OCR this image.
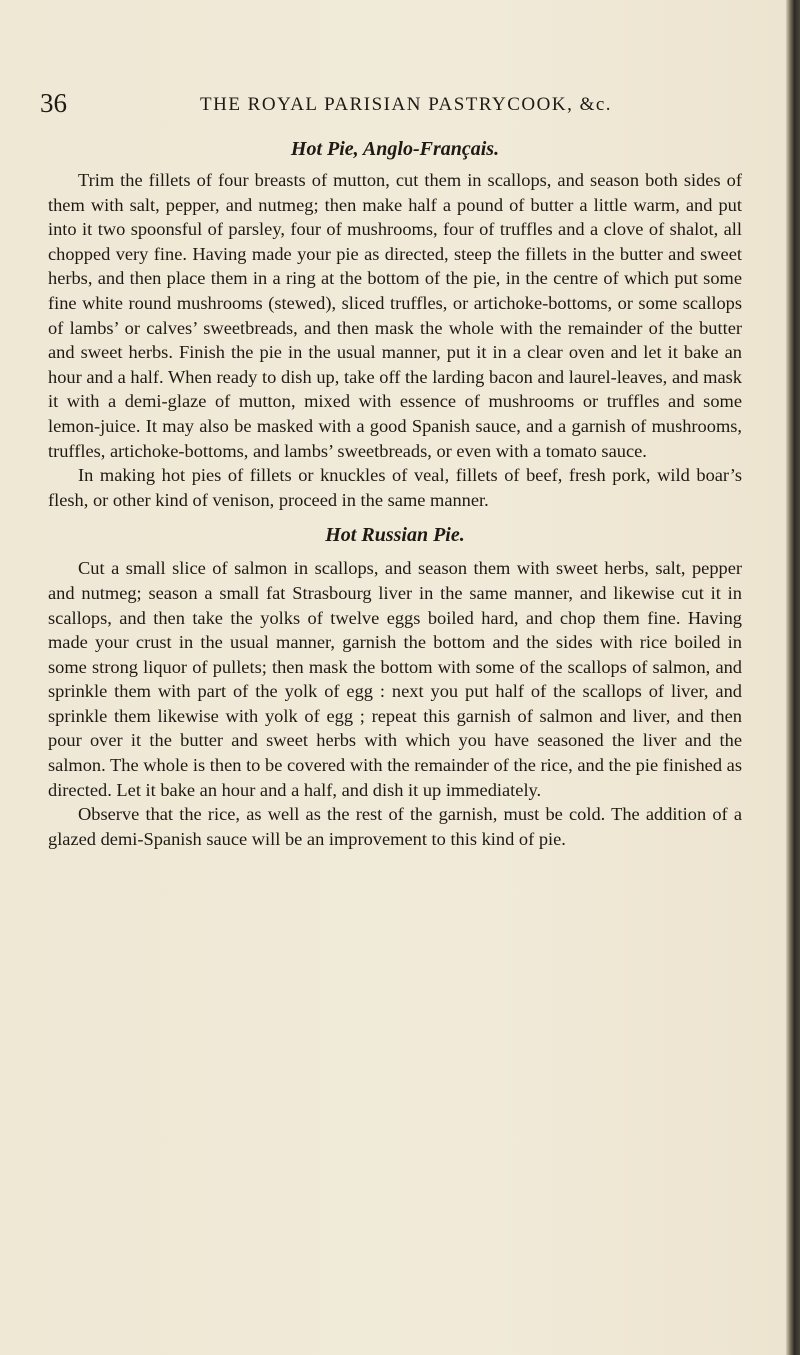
36	THE ROYAL PARISIAN PASTRYCOOK, &c.
Hot Pie, Anglo-Français.

Trim the fillets of four breasts of mutton, cut them in scallops, and season both sides of them with salt, pepper, and nutmeg; then make half a pound of butter a little warm, and put into it two spoonsful of parsley, four of mushrooms, four of truffles and a clove of shalot, all chopped very fine. Having made your pie as directed, steep the fillets in the butter and sweet herbs, and then place them in a ring at the bottom of the pie, in the centre of which put some fine white round mushrooms (stewed), sliced truffles, or artichoke-bottoms, or some scallops of lambs’ or calves’ sweetbreads, and then mask the whole with the remainder of the butter and sweet herbs. Finish the pie in the usual manner, put it in a clear oven and let it bake an hour and a half. When ready to dish up, take off the larding bacon and laurel-leaves, and mask it with a demi-glaze of mutton, mixed with essence of mushrooms or truffles and some lemon-juice. It may also be masked with a good Spanish sauce, and a garnish of mushrooms, truffles, artichoke-bottoms, and lambs’ sweetbreads, or even with a tomato sauce.

In making hot pies of fillets or knuckles of veal, fillets of beef, fresh pork, wild boar’s flesh, or other kind of venison, proceed in the same manner.

Hot Russian Pie.

Cut a small slice of salmon in scallops, and season them with sweet herbs, salt, pepper and nutmeg; season a small fat Strasbourg liver in the same manner, and likewise cut it in scallops, and then take the yolks of twelve eggs boiled hard, and chop them fine. Having made your crust in the usual manner, garnish the bottom and the sides with rice boiled in some strong liquor of pullets; then mask the bottom with some of the scallops of salmon, and sprinkle them with part of the yolk of egg : next you put half of the scallops of liver, and sprinkle them likewise with yolk of egg ; repeat this garnish of salmon and liver, and then pour over it the butter and sweet herbs with which you have seasoned the liver and the salmon. The whole is then to be covered with the remainder of the rice, and the pie finished as directed. Let it bake an hour and a half, and dish it up immediately.

Observe that the rice, as well as the rest of the garnish, must be cold. The addition of a glazed demi-Spanish sauce will be an improvement to this kind of pie.
